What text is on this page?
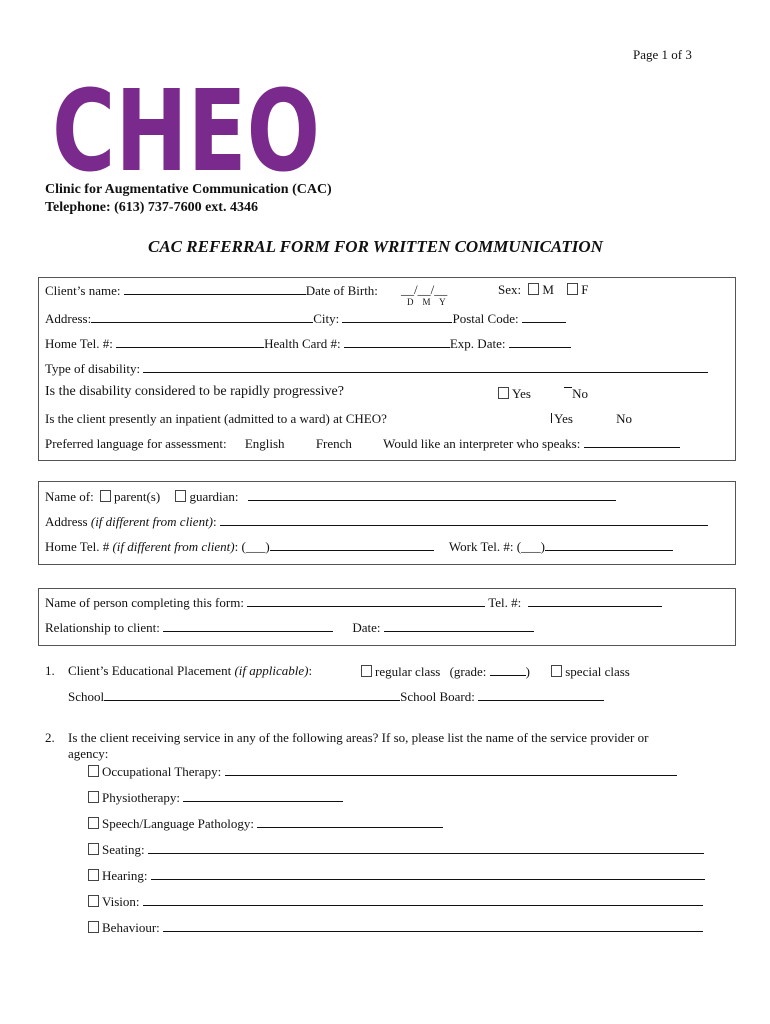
Page 1 of 3
CHEO
Clinic for Augmentative Communication (CAC)
Telephone: (613) 737-7600 ext. 4346
CAC REFERRAL FORM FOR WRITTEN COMMUNICATION
Client’s name:	Date of Birth: __/__/__
D    M    Y
Sex: M F
Address:	City:	Postal Code:
Home Tel. #:	Health Card #:	Exp. Date:
Type of disability:
Is the disability considered to be rapidly progressive?	Yes	No
Is the client presently an inpatient (admitted to a ward) at CHEO?	Yes	No
Preferred language for assessment: English French Would like an interpreter who speaks:
Name of: parent(s) guardian:
Address (if different from client):
Home Tel. # (if different from client): (___)	Work Tel. #: (___)
Name of person completing this form:	Tel. #:
Relationship to client:	Date:
1. Client’s Educational Placement (if applicable):	regular class (grade:	)	special class
School	School Board:
2. Is the client receiving service in any of the following areas? If so, please list the name of the service provider or
agency:
Occupational Therapy:
Physiotherapy:
Speech/Language Pathology:
Seating:
Hearing:
Vision:
Behaviour:
